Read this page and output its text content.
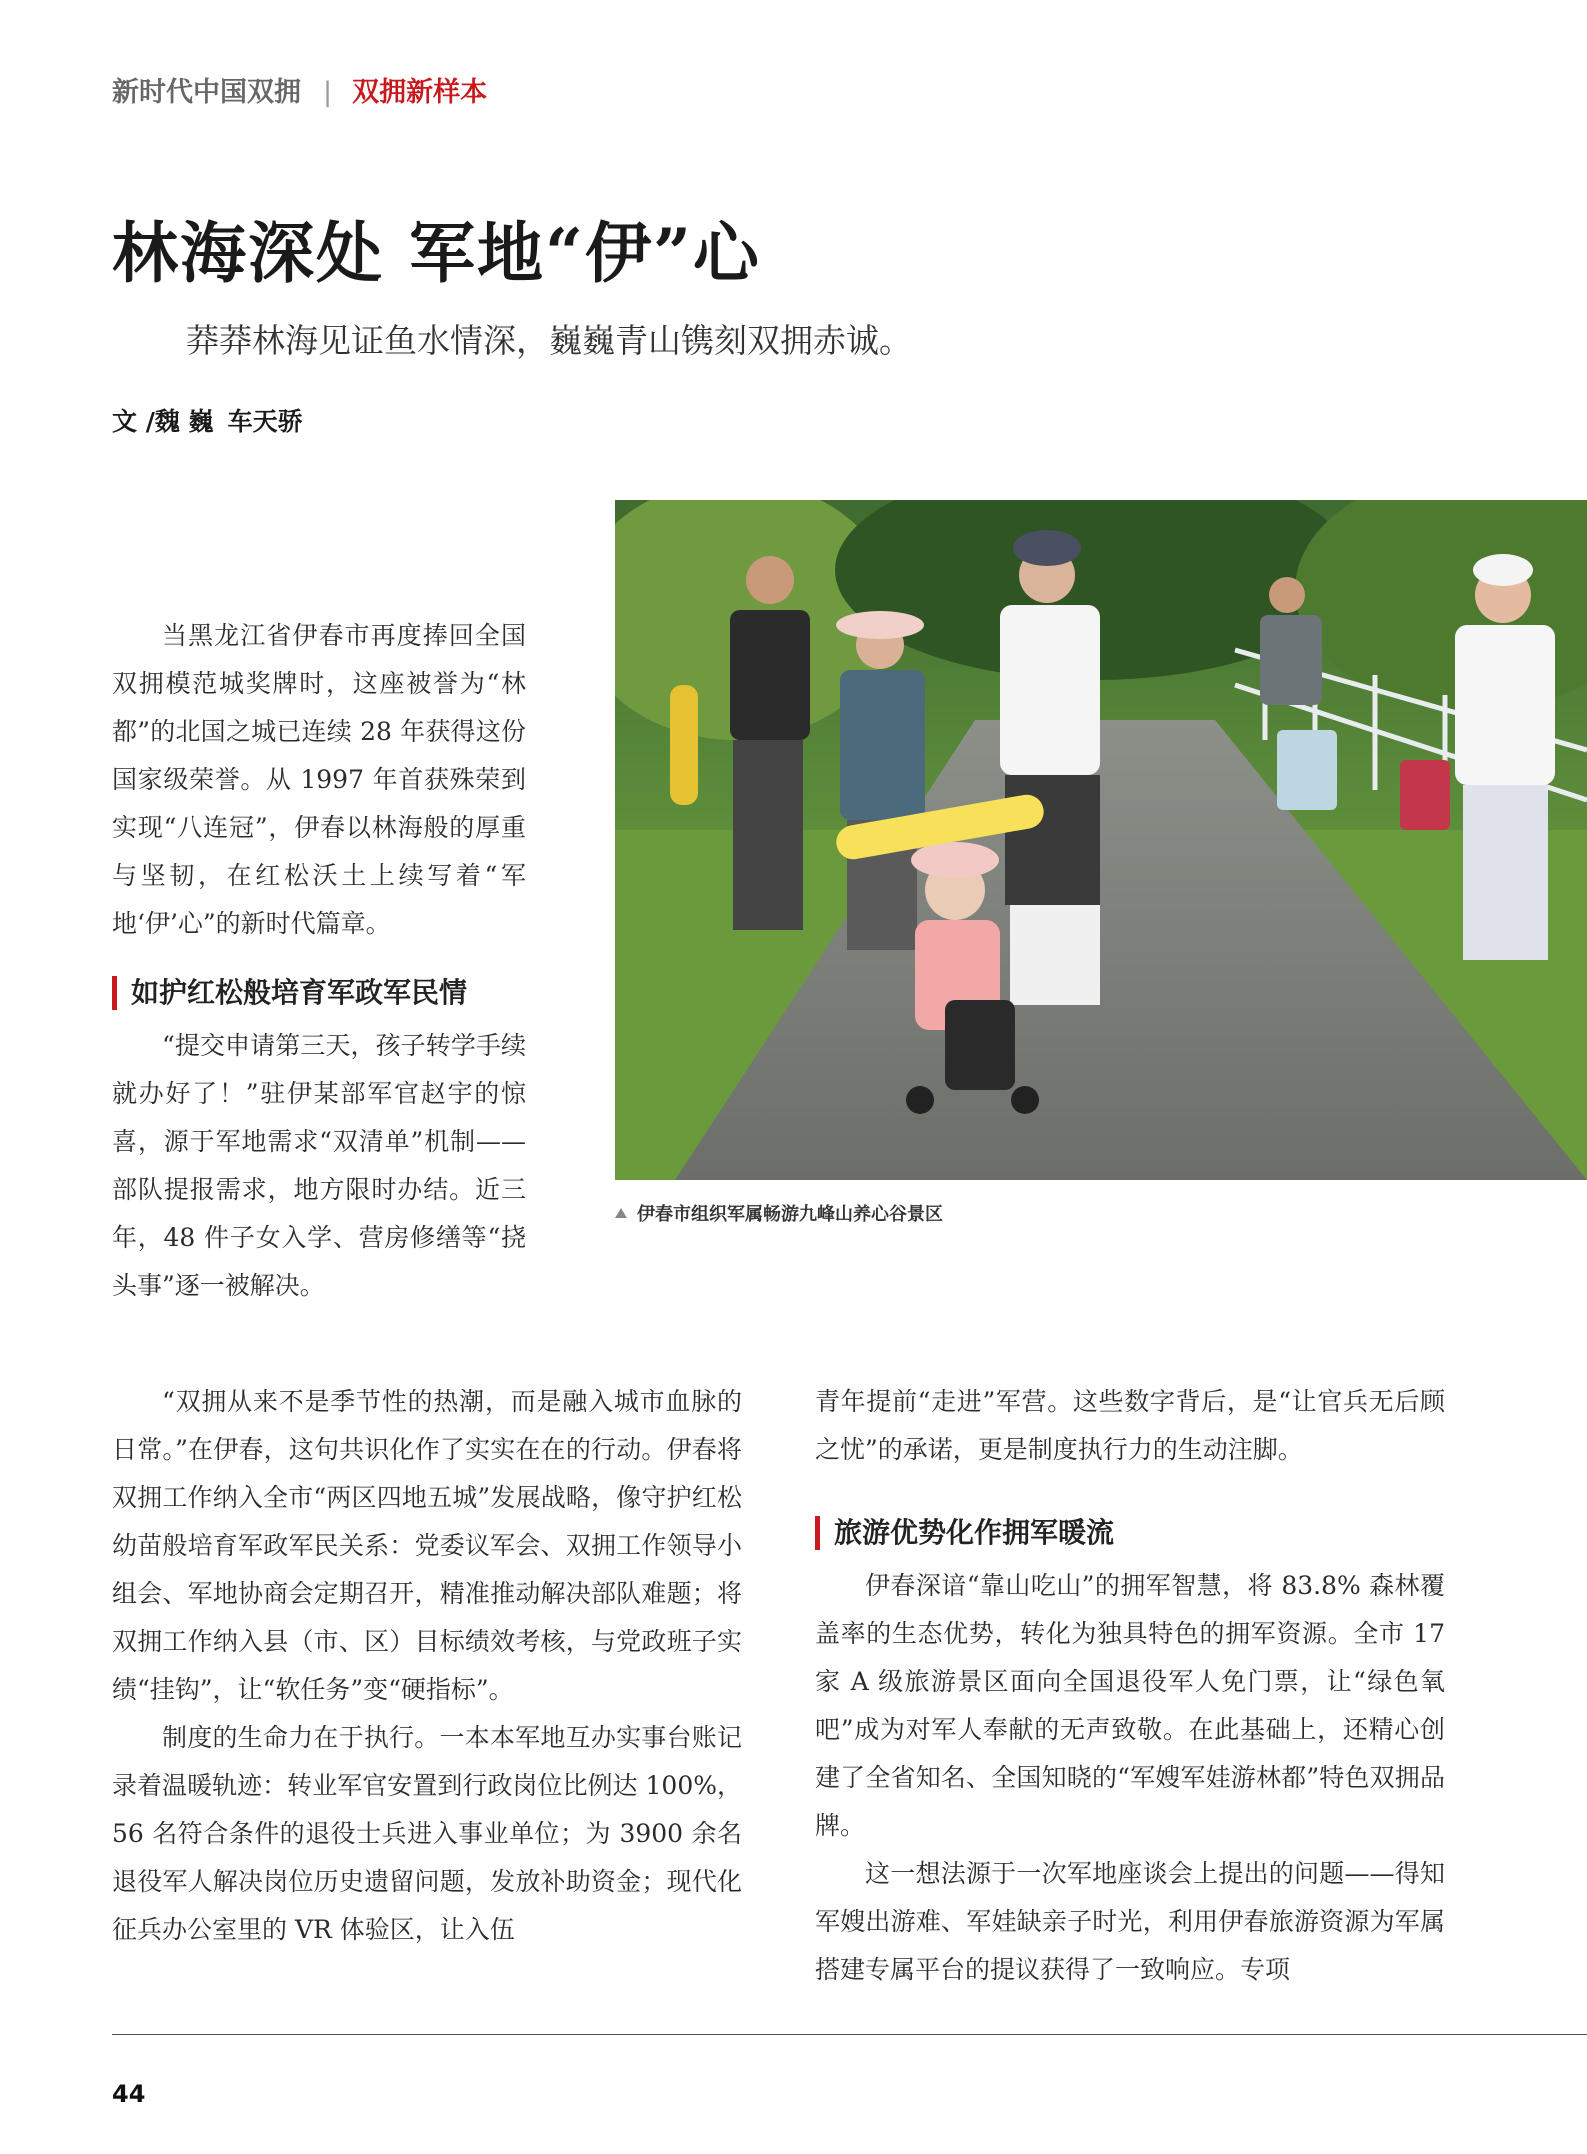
新时代中国双拥 | 双拥新样本
林海深处 军地“伊”心
莽莽林海见证鱼水情深，巍巍青山镌刻双拥赤诚。
文 /魏 巍 车天骄
伊春市组织军属畅游九峰山养心谷景区

当黑龙江省伊春市再度捧回全国双拥模范城奖牌时，这座被誉为“林都”的北国之城已连续 28 年获得这份国家级荣誉。从 1997 年首获殊荣到实现“八连冠”，伊春以林海般的厚重与坚韧，在红松沃土上续写着“军地‘伊’心”的新时代篇章。

如护红松般培育军政军民情

“提交申请第三天，孩子转学手续就办好了！”驻伊某部军官赵宇的惊喜，源于军地需求“双清单”机制——部队提报需求，地方限时办结。近三年，48 件子女入学、营房修缮等“挠头事”逐一被解决。

“双拥从来不是季节性的热潮，而是融入城市血脉的日常。”在伊春，这句共识化作了实实在在的行动。伊春将双拥工作纳入全市“两区四地五城”发展战略，像守护红松幼苗般培育军政军民关系：党委议军会、双拥工作领导小组会、军地协商会定期召开，精准推动解决部队难题；将双拥工作纳入县（市、区）目标绩效考核，与党政班子实绩“挂钩”，让“软任务”变“硬指标”。

制度的生命力在于执行。一本本军地互办实事台账记录着温暖轨迹：转业军官安置到行政岗位比例达 100%，56 名符合条件的退役士兵进入事业单位；为 3900 余名退役军人解决岗位历史遗留问题，发放补助资金；现代化征兵办公室里的 VR 体验区，让入伍

青年提前“走进”军营。这些数字背后，是“让官兵无后顾之忧”的承诺，更是制度执行力的生动注脚。

旅游优势化作拥军暖流

伊春深谙“靠山吃山”的拥军智慧，将 83.8% 森林覆盖率的生态优势，转化为独具特色的拥军资源。全市 17 家 A 级旅游景区面向全国退役军人免门票，让“绿色氧吧”成为对军人奉献的无声致敬。在此基础上，还精心创建了全省知名、全国知晓的“军嫂军娃游林都”特色双拥品牌。

这一想法源于一次军地座谈会上提出的问题——得知军嫂出游难、军娃缺亲子时光，利用伊春旅游资源为军属搭建专属平台的提议获得了一致响应。专项

44
